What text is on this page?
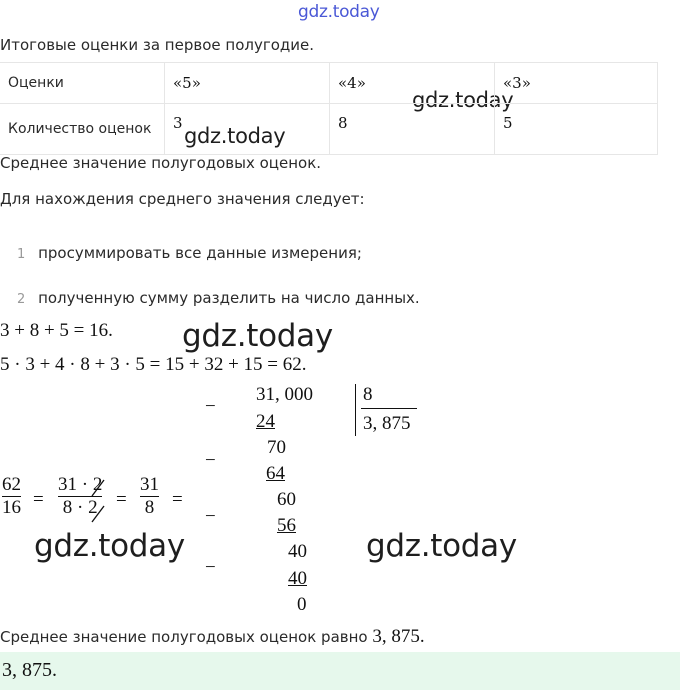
gdz.today
gdz.today
gdz.today
gdz.today
gdz.today	gdz.today
Итоговые оценки за первое полугодие.
Оценки	«5»	«4»	«3»
Количество оценок	3	8	5
Среднее значение полугодовых оценок.
Для нахождения среднего значения следует:
1 просуммировать все данные измерения;
2 полученную сумму разделить на число данных.
3 + 8 + 5 = 16.
5 · 3 + 4 · 8 + 3 · 5 = 15 + 32 + 15 = 62.
62
16 =
31 · 2
8 · 2 =
31
8 =
−
−
−
−
31, 000	8
3, 875
24
70
64
60
56
40
40
0
Среднее значение полугодовых оценок равно 3, 875.
3, 875.
